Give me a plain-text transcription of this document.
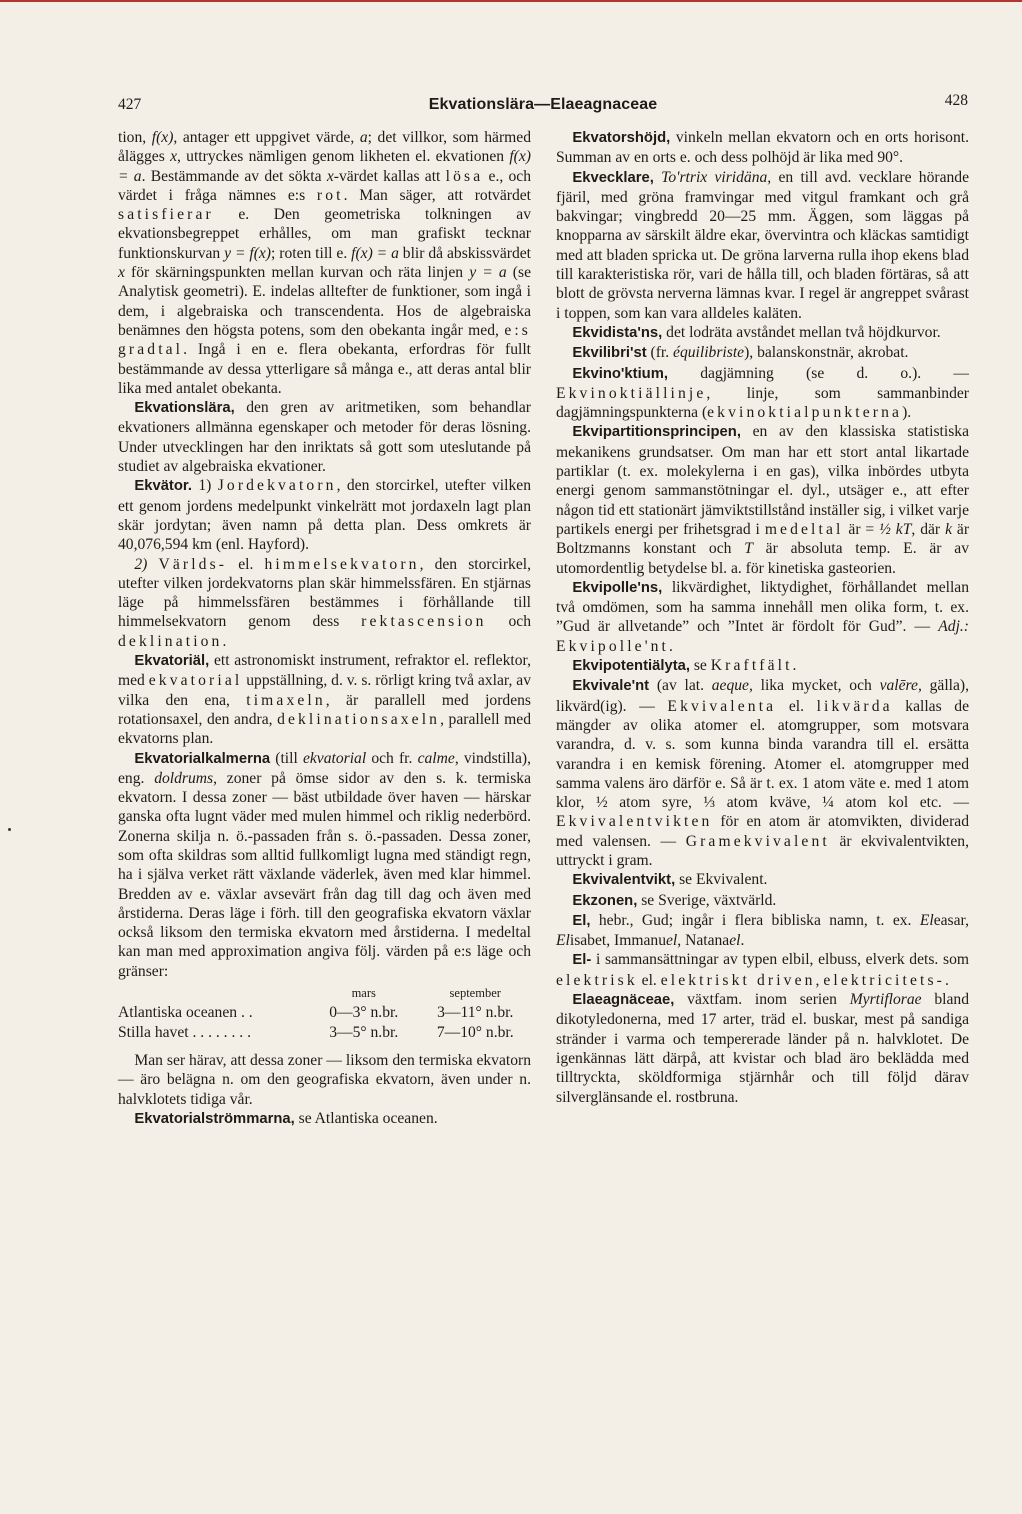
427	Ekvationslära—Elaeagnaceae	428

tion, f(x), antager ett uppgivet värde, a; det villkor, som härmed ålägges x, uttryckes nämligen genom likheten el. ekvationen f(x) = a. Bestämmande av det sökta x-värdet kallas att lösa e., och värdet i fråga nämnes e:s rot. Man säger, att rotvärdet satisfierar e. Den geometriska tolkningen av ekvationsbegreppet erhålles, om man grafiskt tecknar funktionskurvan y = f(x); roten till e. f(x) = a blir då abskissvärdet x för skärningspunkten mellan kurvan och räta linjen y = a (se Analytisk geometri). E. indelas alltefter de funktioner, som ingå i dem, i algebraiska och transcendenta. Hos de algebraiska benämnes den högsta potens, som den obekanta ingår med, e:s gradtal. Ingå i en e. flera obekanta, erfordras för fullt bestämmande av dessa ytterligare så många e., att deras antal blir lika med antalet obekanta.

Ekvationslära, den gren av aritmetiken, som behandlar ekvationers allmänna egenskaper och metoder för deras lösning. Under utvecklingen har den inriktats så gott som uteslutande på studiet av algebraiska ekvationer.

Ekvätor. 1) Jordekvatorn, den storcirkel, utefter vilken ett genom jordens medelpunkt vinkelrätt mot jordaxeln lagt plan skär jordytan; även namn på detta plan. Dess omkrets är 40,076,594 km (enl. Hayford).

2) Världs- el. himmelsekvatorn, den storcirkel, utefter vilken jordekvatorns plan skär himmelssfären. En stjärnas läge på himmelssfären bestämmes i förhållande till himmelsekvatorn genom dess rektascension och deklination.

Ekvatoriäl, ett astronomiskt instrument, refraktor el. reflektor, med ekvatorial uppställning, d. v. s. rörligt kring två axlar, av vilka den ena, timaxeln, är parallell med jordens rotationsaxel, den andra, deklinationsaxeln, parallell med ekvatorns plan.

Ekvatorialkalmerna (till ekvatorial och fr. calme, vindstilla), eng. doldrums, zoner på ömse sidor av den s. k. termiska ekvatorn. I dessa zoner — bäst utbildade över haven — härskar ganska ofta lugnt väder med mulen himmel och riklig nederbörd. Zonerna skilja n. ö.-passaden från s. ö.-passaden. Dessa zoner, som ofta skildras som alltid fullkomligt lugna med ständigt regn, ha i själva verket rätt växlande väderlek, även med klar himmel. Bredden av e. växlar avsevärt från dag till dag och även med årstiderna. Deras läge i förh. till den geografiska ekvatorn växlar också liksom den termiska ekvatorn med årstiderna. I medeltal kan man med approximation angiva följ. värden på e:s läge och gränser:

	mars	september
Atlantiska oceanen . .	0—3° n.br.	3—11° n.br.
Stilla havet . . . . . . . .	3—5° n.br.	7—10° n.br.

Man ser härav, att dessa zoner — liksom den termiska ekvatorn — äro belägna n. om den geografiska ekvatorn, även under n. halvklotets tidiga vår.

Ekvatorialströmmarna, se Atlantiska oceanen.

Ekvatorshöjd, vinkeln mellan ekvatorn och en orts horisont. Summan av en orts e. och dess polhöjd är lika med 90°.

Ekvecklare, To'rtrix viridäna, en till avd. vecklare hörande fjäril, med gröna framvingar med vitgul framkant och grå bakvingar; vingbredd 20—25 mm. Äggen, som läggas på knopparna av särskilt äldre ekar, övervintra och kläckas samtidigt med att bladen spricka ut. De gröna larverna rulla ihop ekens blad till karakteristiska rör, vari de hålla till, och bladen förtäras, så att blott de grövsta nerverna lämnas kvar. I regel är angreppet svårast i toppen, som kan vara alldeles kaläten.

Ekvidista'ns, det lodräta avståndet mellan två höjdkurvor.

Ekvilibri'st (fr. équilibriste), balanskonstnär, akrobat.

Ekvino'ktium, dagjämning (se d. o.). — Ekvinoktiällinje, linje, som sammanbinder dagjämningspunkterna (ekvinoktialpunkterna).

Ekvipartitionsprincipen, en av den klassiska statistiska mekanikens grundsatser. Om man har ett stort antal likartade partiklar (t. ex. molekylerna i en gas), vilka inbördes utbyta energi genom sammanstötningar el. dyl., utsäger e., att efter någon tid ett stationärt jämviktstillstånd inställer sig, i vilket varje partikels energi per frihetsgrad i medeltal är = ½ kT, där k är Boltzmanns konstant och T är absoluta temp. E. är av utomordentlig betydelse bl. a. för kinetiska gasteorien.

Ekvipolle'ns, likvärdighet, liktydighet, förhållandet mellan två omdömen, som ha samma innehåll men olika form, t. ex. ”Gud är allvetande” och ”Intet är fördolt för Gud”. — Adj.: Ekvipolle'nt.

Ekvipotentiälyta, se Kraftfält.

Ekvivale'nt (av lat. aeque, lika mycket, och valēre, gälla), likvärd(ig). — Ekvivalenta el. likvärda kallas de mängder av olika atomer el. atomgrupper, som motsvara varandra, d. v. s. som kunna binda varandra till el. ersätta varandra i en kemisk förening. Atomer el. atomgrupper med samma valens äro därför e. Så är t. ex. 1 atom väte e. med 1 atom klor, ½ atom syre, ⅓ atom kväve, ¼ atom kol etc. — Ekvivalentvikten för en atom är atomvikten, dividerad med valensen. — Gramekvivalent är ekvivalentvikten, uttryckt i gram.

Ekvivalentvikt, se Ekvivalent.

Ekzonen, se Sverige, växtvärld.

El, hebr., Gud; ingår i flera bibliska namn, t. ex. Eleasar, Elisabet, Immanuel, Natanael.

El- i sammansättningar av typen elbil, elbuss, elverk dets. som elektrisk el. elektriskt driven, elektricitets-.

Elaeagnäceae, växtfam. inom serien Myrtiflorae bland dikotyledonerna, med 17 arter, träd el. buskar, mest på sandiga stränder i varma och tempererade länder på n. halvklotet. De igenkännas lätt därpå, att kvistar och blad äro beklädda med tilltryckta, sköldformiga stjärnhår och till följd därav silverglänsande el. rostbruna.
